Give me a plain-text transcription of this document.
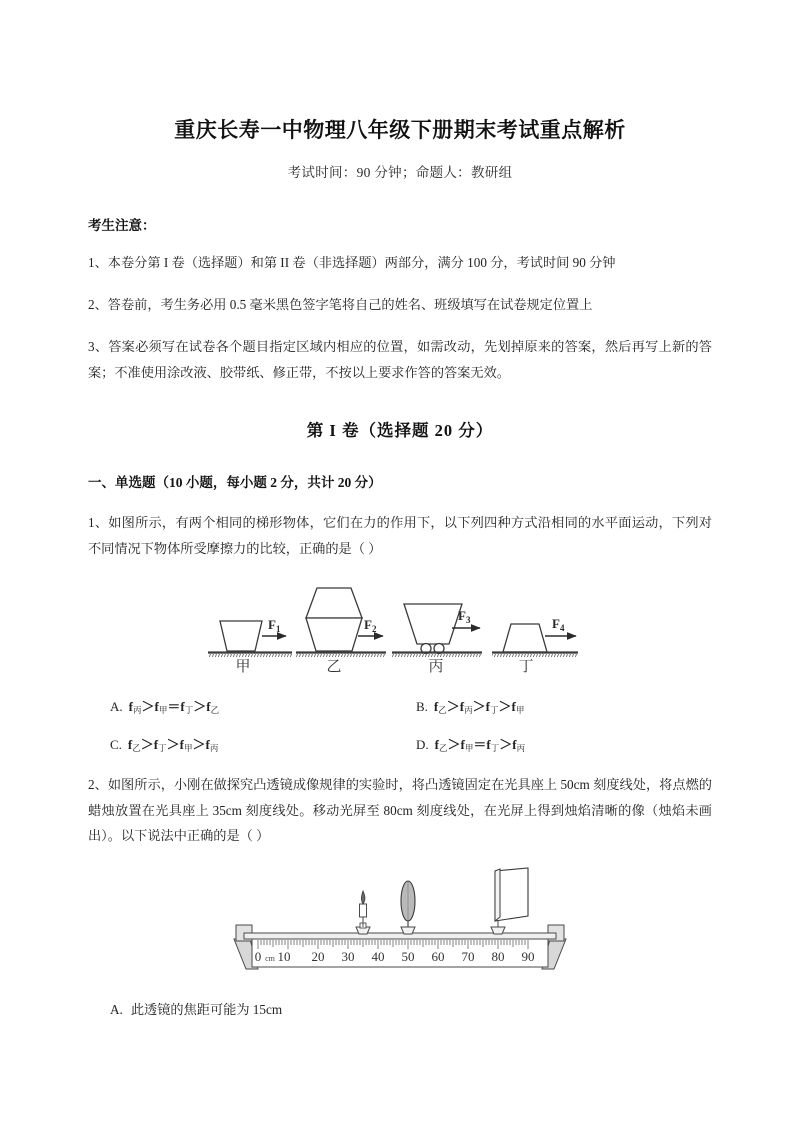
重庆长寿一中物理八年级下册期末考试重点解析

考试时间：90 分钟；命题人：教研组

考生注意：

1、本卷分第 I 卷（选择题）和第 II 卷（非选择题）两部分，满分 100 分，考试时间 90 分钟

2、答卷前，考生务必用 0.5 毫米黑色签字笔将自己的姓名、班级填写在试卷规定位置上

3、答案必须写在试卷各个题目指定区域内相应的位置，如需改动，先划掉原来的答案，然后再写上新的答案；不准使用涂改液、胶带纸、修正带，不按以上要求作答的答案无效。

第 I 卷（选择题 20 分）
一、单选题（10 小题，每小题 2 分，共计 20 分）

1、如图所示，有两个相同的梯形物体，它们在力的作用下，以下列四种方式沿相同的水平面运动，下列对不同情况下物体所受摩擦力的比较，正确的是（ ）

$F_1$
甲
$F_2$
乙
$F_3$
丙
$F_4$
丁
A. $f_丙>f_甲=f_丁>f_乙$	B. $f_乙>f_丙>f_丁>f_甲$
C. $f_乙>f_丁>f_甲>f_丙$	D. $f_乙>f_甲=f_丁>f_丙$

2、如图所示，小刚在做探究凸透镜成像规律的实验时，将凸透镜固定在光具座上 50cm 刻度线处，将点燃的蜡烛放置在光具座上 35cm 刻度线处。移动光屏至 80cm 刻度线处，在光屏上得到烛焰清晰的像（烛焰未画出）。以下说法中正确的是（ ）

0 cm 10 20 30 40 50 60 70 80 90
A. 此透镜的焦距可能为 15cm
